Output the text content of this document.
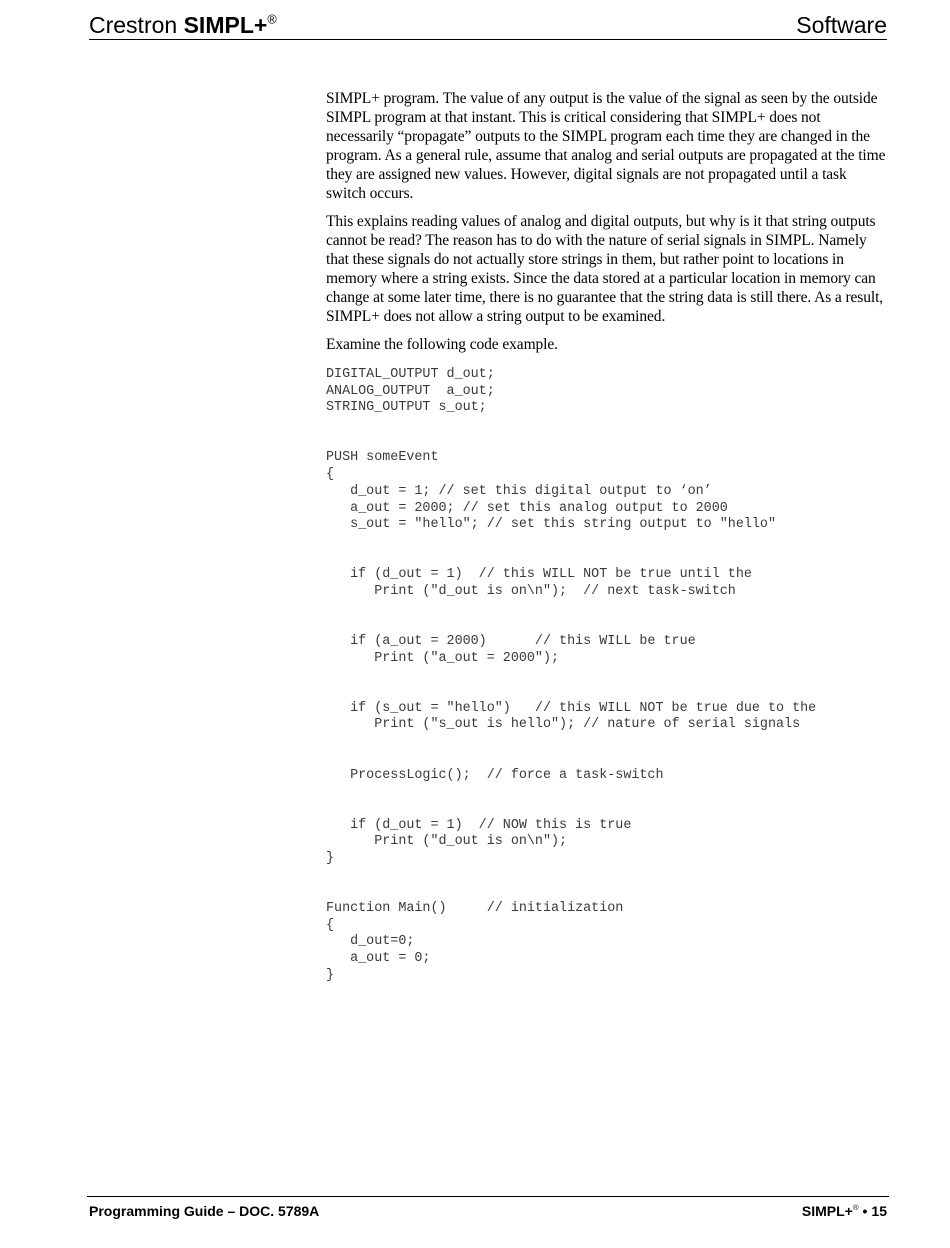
Crestron SIMPL+®	Software

SIMPL+ program. The value of any output is the value of the signal as seen by the outside SIMPL program at that instant. This is critical considering that SIMPL+ does not necessarily “propagate” outputs to the SIMPL program each time they are changed in the program. As a general rule, assume that analog and serial outputs are propagated at the time they are assigned new values. However, digital signals are not propagated until a task switch occurs.

This explains reading values of analog and digital outputs, but why is it that string outputs cannot be read? The reason has to do with the nature of serial signals in SIMPL. Namely that these signals do not actually store strings in them, but rather point to locations in memory where a string exists. Since the data stored at a particular location in memory can change at some later time, there is no guarantee that the string data is still there. As a result, SIMPL+ does not allow a string output to be examined.

Examine the following code example.

DIGITAL_OUTPUT d_out;
ANALOG_OUTPUT  a_out;
STRING_OUTPUT s_out;
PUSH someEvent
{
d_out = 1; // set this digital output to ‘on’
a_out = 2000; // set this analog output to 2000
s_out = "hello"; // set this string output to "hello"
if (d_out = 1)  // this WILL NOT be true until the
Print ("d_out is on\n");  // next task-switch
if (a_out = 2000)      // this WILL be true
Print ("a_out = 2000");
if (s_out = "hello")   // this WILL NOT be true due to the
Print ("s_out is hello"); // nature of serial signals
ProcessLogic();  // force a task-switch
if (d_out = 1)  // NOW this is true
Print ("d_out is on\n");
}
Function Main()     // initialization
{
d_out=0;
a_out = 0;
}
Programming Guide – DOC. 5789A	SIMPL+® • 15
